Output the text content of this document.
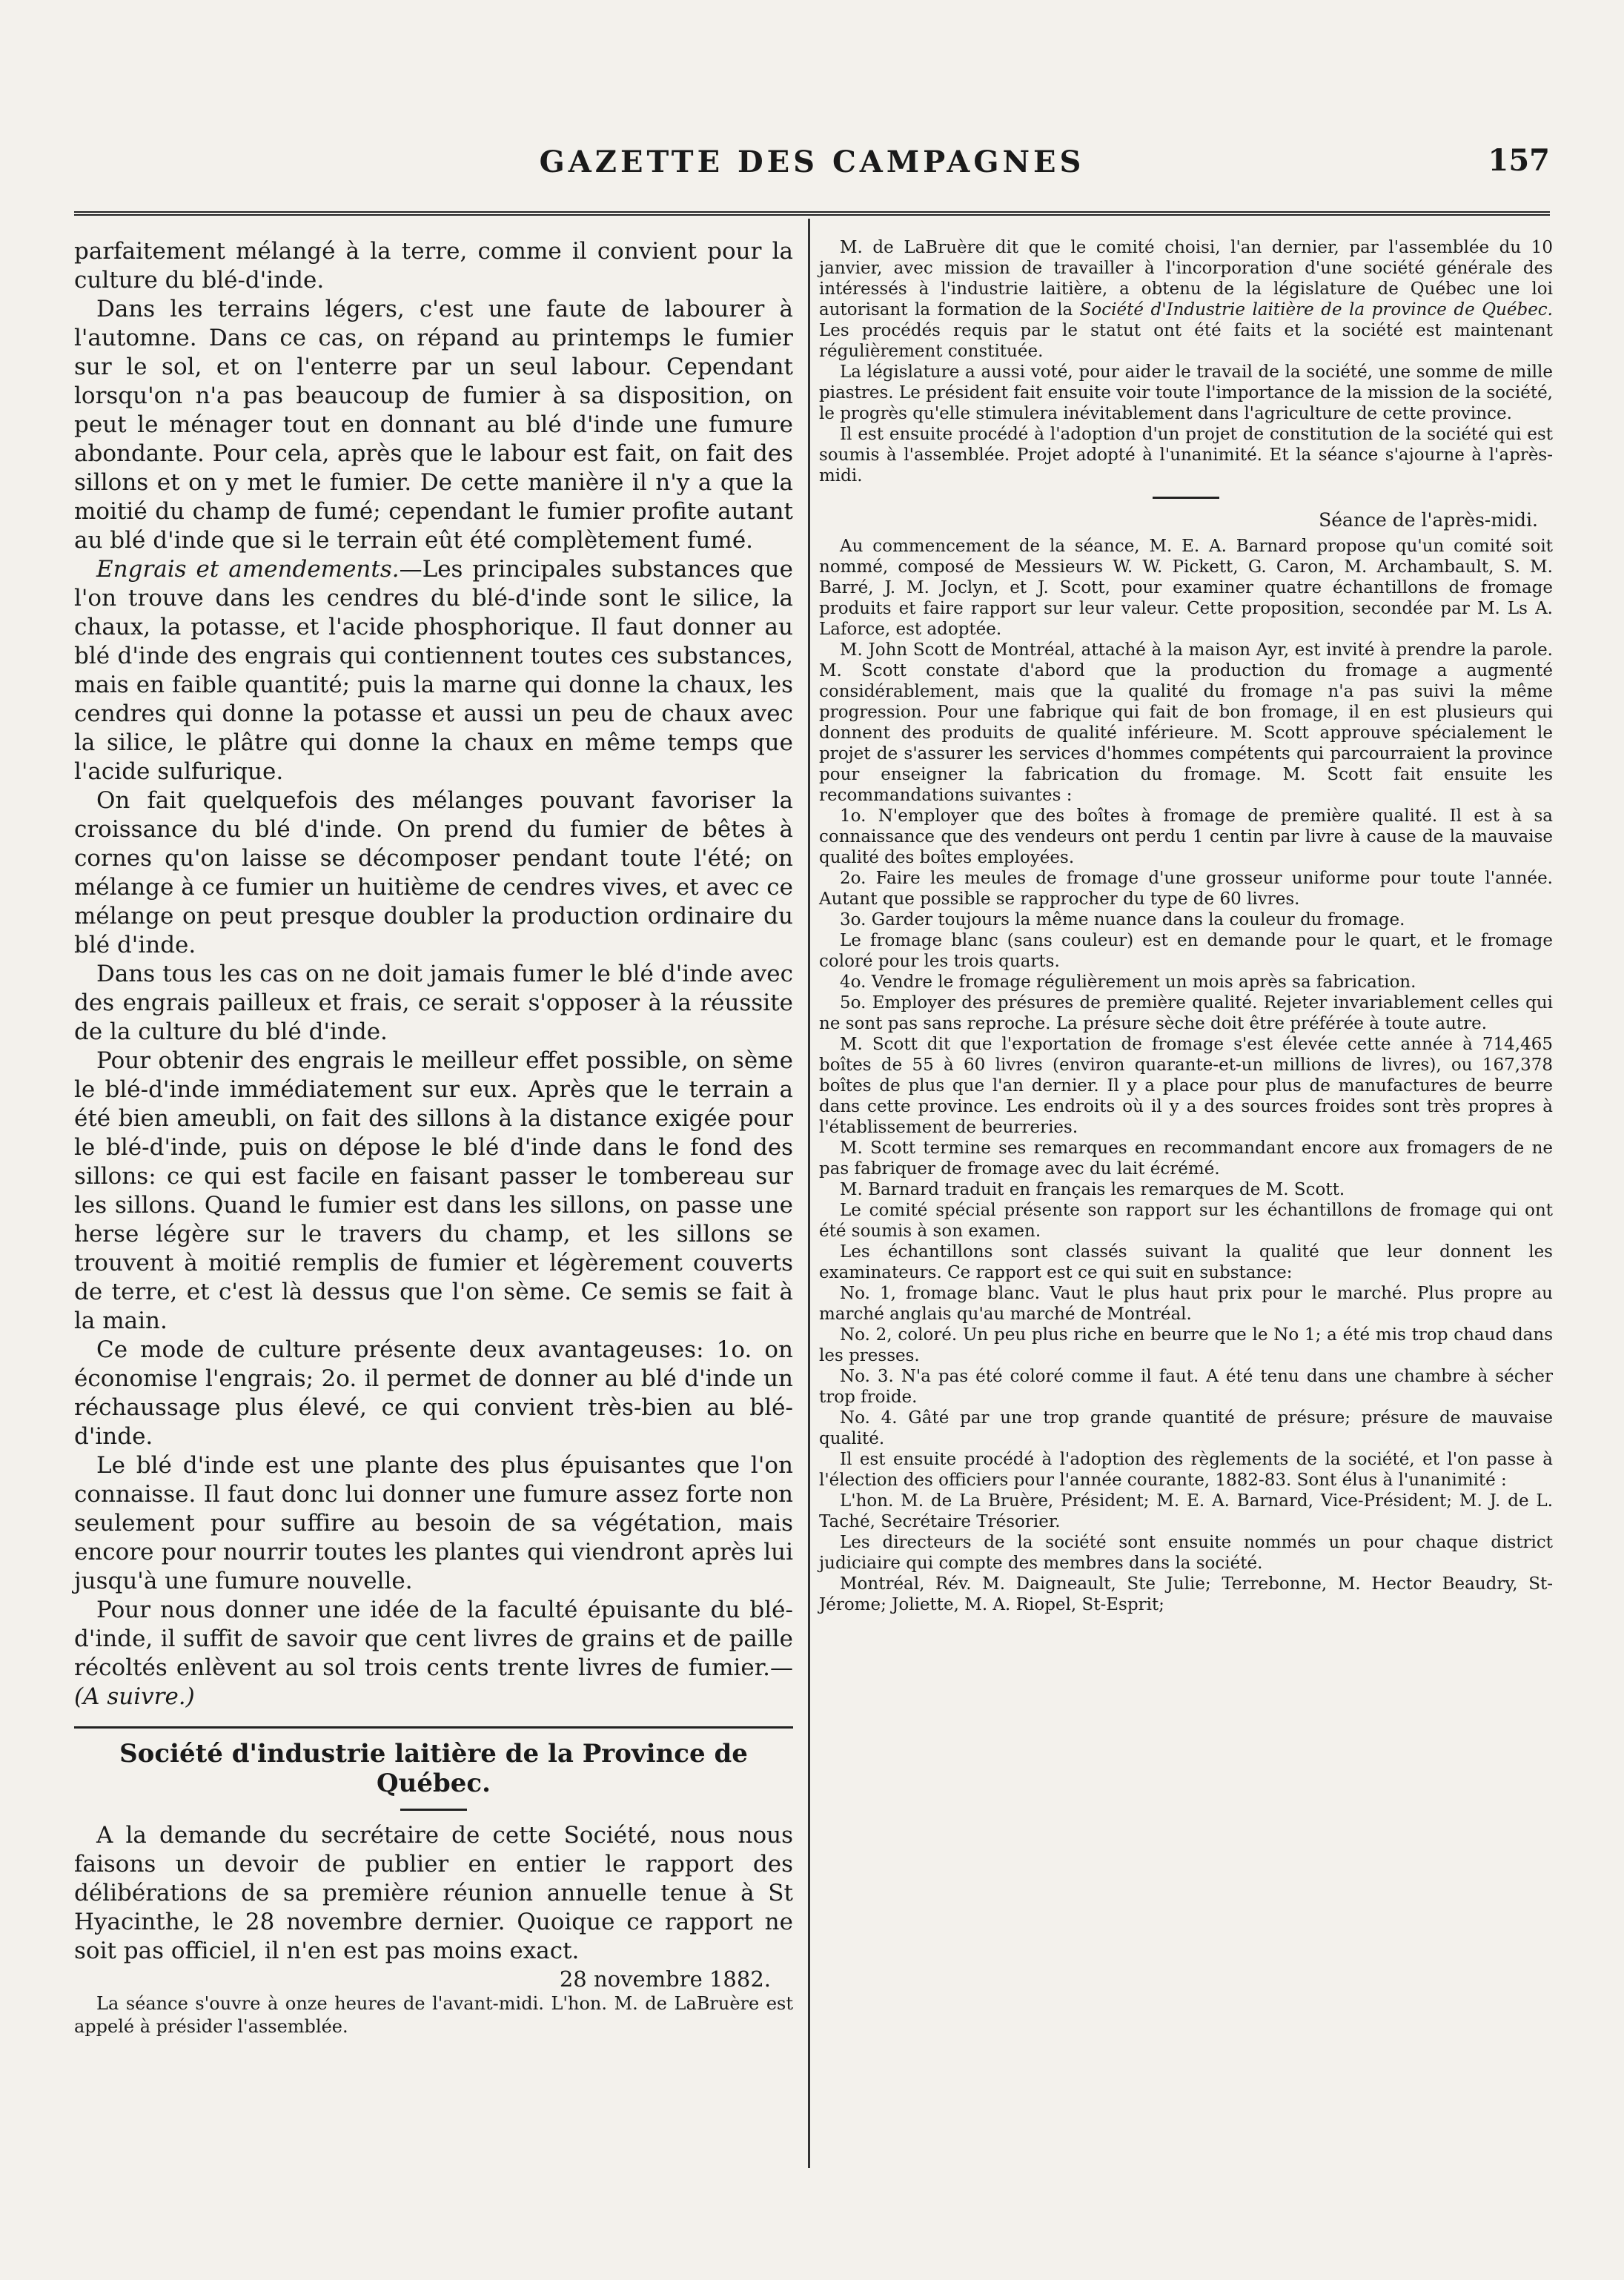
GAZETTE DES CAMPAGNES	157

parfaitement mélangé à la terre, comme il convient pour la culture du blé-d'inde.

Dans les terrains légers, c'est une faute de labourer à l'automne. Dans ce cas, on répand au printemps le fumier sur le sol, et on l'enterre par un seul labour. Cependant lorsqu'on n'a pas beaucoup de fumier à sa disposition, on peut le ménager tout en donnant au blé d'inde une fumure abondante. Pour cela, après que le labour est fait, on fait des sillons et on y met le fumier. De cette manière il n'y a que la moitié du champ de fumé; cependant le fumier profite autant au blé d'inde que si le terrain eût été complètement fumé.

Engrais et amendements.—Les principales substances que l'on trouve dans les cendres du blé-d'inde sont le silice, la chaux, la potasse, et l'acide phosphorique. Il faut donner au blé d'inde des engrais qui contiennent toutes ces substances, mais en faible quantité; puis la marne qui donne la chaux, les cendres qui donne la potasse et aussi un peu de chaux avec la silice, le plâtre qui donne la chaux en même temps que l'acide sulfurique.

On fait quelquefois des mélanges pouvant favoriser la croissance du blé d'inde. On prend du fumier de bêtes à cornes qu'on laisse se décomposer pendant toute l'été; on mélange à ce fumier un huitième de cendres vives, et avec ce mélange on peut presque doubler la production ordinaire du blé d'inde.

Dans tous les cas on ne doit jamais fumer le blé d'inde avec des engrais pailleux et frais, ce serait s'opposer à la réussite de la culture du blé d'inde.

Pour obtenir des engrais le meilleur effet possible, on sème le blé-d'inde immédiatement sur eux. Après que le terrain a été bien ameubli, on fait des sillons à la distance exigée pour le blé-d'inde, puis on dépose le blé d'inde dans le fond des sillons: ce qui est facile en faisant passer le tombereau sur les sillons. Quand le fumier est dans les sillons, on passe une herse légère sur le travers du champ, et les sillons se trouvent à moitié remplis de fumier et légèrement couverts de terre, et c'est là dessus que l'on sème. Ce semis se fait à la main.

Ce mode de culture présente deux avantageuses: 1o. on économise l'engrais; 2o. il permet de donner au blé d'inde un réchaussage plus élevé, ce qui convient très-bien au blé-d'inde.

Le blé d'inde est une plante des plus épuisantes que l'on connaisse. Il faut donc lui donner une fumure assez forte non seulement pour suffire au besoin de sa végétation, mais encore pour nourrir toutes les plantes qui viendront après lui jusqu'à une fumure nouvelle.

Pour nous donner une idée de la faculté épuisante du blé-d'inde, il suffit de savoir que cent livres de grains et de paille récoltés enlèvent au sol trois cents trente livres de fumier.—(A suivre.)

Société d'industrie laitière de la Province de Québec.

A la demande du secrétaire de cette Société, nous nous faisons un devoir de publier en entier le rapport des délibérations de sa première réunion annuelle tenue à St Hyacinthe, le 28 novembre dernier. Quoique ce rapport ne soit pas officiel, il n'en est pas moins exact.

28 novembre 1882.

La séance s'ouvre à onze heures de l'avant-midi. L'hon. M. de LaBruère est appelé à présider l'assemblée.

M. de LaBruère dit que le comité choisi, l'an dernier, par l'assemblée du 10 janvier, avec mission de travailler à l'incorporation d'une société générale des intéressés à l'industrie laitière, a obtenu de la législature de Québec une loi autorisant la formation de la Société d'Industrie laitière de la province de Québec. Les procédés requis par le statut ont été faits et la société est maintenant régulièrement constituée.

La législature a aussi voté, pour aider le travail de la société, une somme de mille piastres. Le président fait ensuite voir toute l'importance de la mission de la société, le progrès qu'elle stimulera inévitablement dans l'agriculture de cette province.

Il est ensuite procédé à l'adoption d'un projet de constitution de la société qui est soumis à l'assemblée. Projet adopté à l'unanimité. Et la séance s'ajourne à l'après-midi.

Séance de l'après-midi.

Au commencement de la séance, M. E. A. Barnard propose qu'un comité soit nommé, composé de Messieurs W. W. Pickett, G. Caron, M. Archambault, S. M. Barré, J. M. Joclyn, et J. Scott, pour examiner quatre échantillons de fromage produits et faire rapport sur leur valeur. Cette proposition, secondée par M. Ls A. Laforce, est adoptée.

M. John Scott de Montréal, attaché à la maison Ayr, est invité à prendre la parole. M. Scott constate d'abord que la production du fromage a augmenté considérablement, mais que la qualité du fromage n'a pas suivi la même progression. Pour une fabrique qui fait de bon fromage, il en est plusieurs qui donnent des produits de qualité inférieure. M. Scott approuve spécialement le projet de s'assurer les services d'hommes compétents qui parcourraient la province pour enseigner la fabrication du fromage. M. Scott fait ensuite les recommandations suivantes :

1o. N'employer que des boîtes à fromage de première qualité. Il est à sa connaissance que des vendeurs ont perdu 1 centin par livre à cause de la mauvaise qualité des boîtes employées.

2o. Faire les meules de fromage d'une grosseur uniforme pour toute l'année. Autant que possible se rapprocher du type de 60 livres.

3o. Garder toujours la même nuance dans la couleur du fromage.

Le fromage blanc (sans couleur) est en demande pour le quart, et le fromage coloré pour les trois quarts.

4o. Vendre le fromage régulièrement un mois après sa fabrication.

5o. Employer des présures de première qualité. Rejeter invariablement celles qui ne sont pas sans reproche. La présure sèche doit être préférée à toute autre.

M. Scott dit que l'exportation de fromage s'est élevée cette année à 714,465 boîtes de 55 à 60 livres (environ quarante-et-un millions de livres), ou 167,378 boîtes de plus que l'an dernier. Il y a place pour plus de manufactures de beurre dans cette province. Les endroits où il y a des sources froides sont très propres à l'établissement de beurreries.

M. Scott termine ses remarques en recommandant encore aux fromagers de ne pas fabriquer de fromage avec du lait écrémé.

M. Barnard traduit en français les remarques de M. Scott.

Le comité spécial présente son rapport sur les échantillons de fromage qui ont été soumis à son examen.

Les échantillons sont classés suivant la qualité que leur donnent les examinateurs. Ce rapport est ce qui suit en substance:

No. 1, fromage blanc. Vaut le plus haut prix pour le marché. Plus propre au marché anglais qu'au marché de Montréal.

No. 2, coloré. Un peu plus riche en beurre que le No 1; a été mis trop chaud dans les presses.

No. 3. N'a pas été coloré comme il faut. A été tenu dans une chambre à sécher trop froide.

No. 4. Gâté par une trop grande quantité de présure; présure de mauvaise qualité.

Il est ensuite procédé à l'adoption des règlements de la société, et l'on passe à l'élection des officiers pour l'année courante, 1882-83. Sont élus à l'unanimité :

L'hon. M. de La Bruère, Président; M. E. A. Barnard, Vice-Président; M. J. de L. Taché, Secrétaire Trésorier.

Les directeurs de la société sont ensuite nommés un pour chaque district judiciaire qui compte des membres dans la société.

Montréal, Rév. M. Daigneault, Ste Julie; Terrebonne, M. Hector Beaudry, St-Jérome; Joliette, M. A. Riopel, St-Esprit;
